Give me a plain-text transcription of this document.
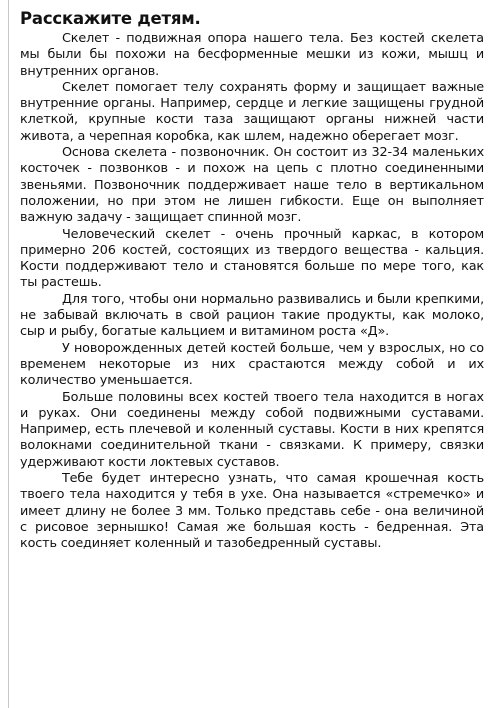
Расскажите детям.

Скелет - подвижная опора нашего тела. Без костей скелета мы были бы похожи на бесформенные мешки из кожи, мышц и внутренних органов.

Скелет помогает телу сохранять форму и защищает важные внутренние органы. Например, сердце и легкие защищены грудной клеткой, крупные кости таза защищают органы нижней части живота, а черепная коробка, как шлем, надежно оберегает мозг.

Основа скелета - позвоночник. Он состоит из 32-34 маленьких косточек - позвонков - и похож на цепь с плотно соединенными звеньями. Позвоночник поддерживает наше тело в вертикальном положении, но при этом не лишен гибкости. Еще он выполняет важную задачу - защищает спинной мозг.

Человеческий скелет - очень прочный каркас, в котором примерно 206 костей, состоящих из твердого вещества - кальция. Кости поддерживают тело и становятся больше по мере того, как ты растешь.

Для того, чтобы они нормально развивались и были крепкими, не забывай включать в свой рацион такие продукты, как молоко, сыр и рыбу, богатые кальцием и витамином роста «Д».

У новорожденных детей костей больше, чем у взрослых, но со временем некоторые из них срастаются между собой и их количество уменьшается.

Больше половины всех костей твоего тела находится в ногах и руках. Они соединены между собой подвижными суставами. Например, есть плечевой и коленный суставы. Кости в них крепятся волокнами соединительной ткани - связками. К примеру, связки удерживают кости локтевых суставов.

Тебе будет интересно узнать, что самая крошечная кость твоего тела находится у тебя в ухе. Она называется «стремечко» и имеет длину не более 3 мм. Только представь себе - она величиной с рисовое зернышко! Самая же большая кость - бедренная. Эта кость соединяет коленный и тазобедренный суставы.
